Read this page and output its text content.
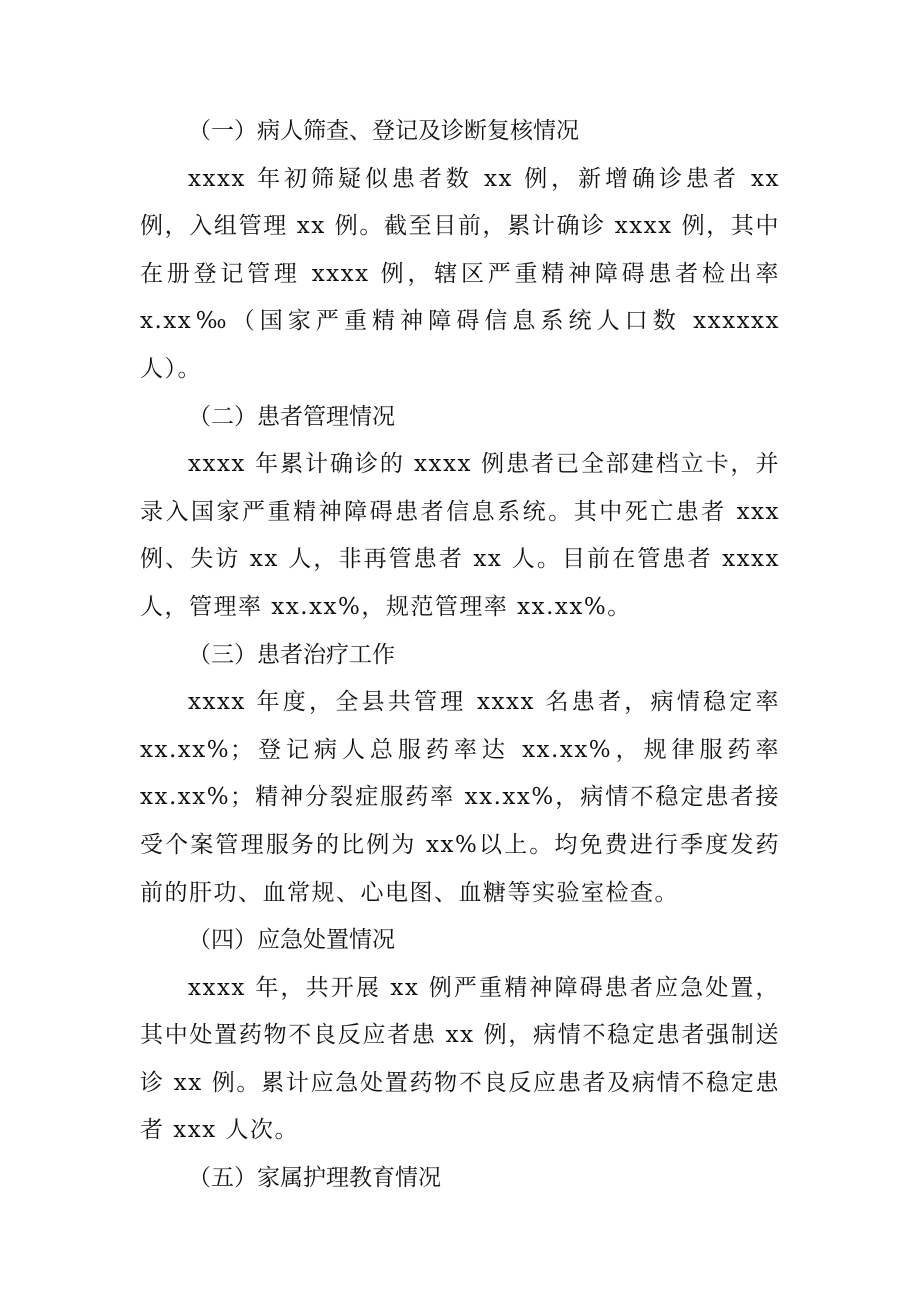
（一）病人筛查、登记及诊断复核情况

xxxx 年初筛疑似患者数 xx 例，新增确诊患者 xx 例，入组管理 xx 例。截至目前，累计确诊 xxxx 例，其中在册登记管理 xxxx 例，辖区严重精神障碍患者检出率 x.xx‰（国家严重精神障碍信息系统人口数 xxxxxx 人）。

（二）患者管理情况

xxxx 年累计确诊的 xxxx 例患者已全部建档立卡，并录入国家严重精神障碍患者信息系统。其中死亡患者 xxx 例、失访 xx 人，非再管患者 xx 人。目前在管患者 xxxx 人，管理率 xx.xx%，规范管理率 xx.xx%。

（三）患者治疗工作

xxxx 年度，全县共管理 xxxx 名患者，病情稳定率 xx.xx%；登记病人总服药率达 xx.xx%，规律服药率 xx.xx%；精神分裂症服药率 xx.xx%，病情不稳定患者接受个案管理服务的比例为 xx%以上。均免费进行季度发药前的肝功、血常规、心电图、血糖等实验室检查。

（四）应急处置情况

xxxx 年，共开展 xx 例严重精神障碍患者应急处置，其中处置药物不良反应者患 xx 例，病情不稳定患者强制送诊 xx 例。累计应急处置药物不良反应患者及病情不稳定患者 xxx 人次。

（五）家属护理教育情况
